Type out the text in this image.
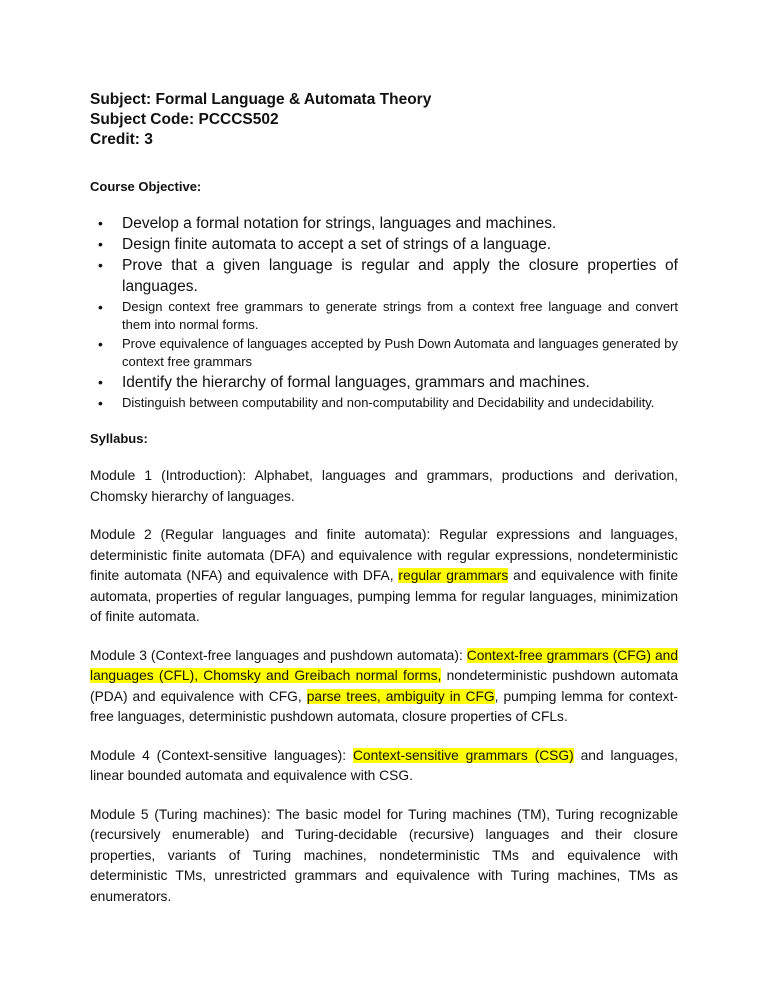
Subject: Formal Language & Automata Theory

Subject Code: PCCCS502

Credit: 3

Course Objective:

• Develop a formal notation for strings, languages and machines.
• Design finite automata to accept a set of strings of a language.
• Prove that a given language is regular and apply the closure properties of languages.
• Design context free grammars to generate strings from a context free language and convert them into normal forms.
• Prove equivalence of languages accepted by Push Down Automata and languages generated by context free grammars
• Identify the hierarchy of formal languages, grammars and machines.
• Distinguish between computability and non-computability and Decidability and undecidability.

Syllabus:

Module 1 (Introduction): Alphabet, languages and grammars, productions and derivation, Chomsky hierarchy of languages.

Module 2 (Regular languages and finite automata): Regular expressions and languages, deterministic finite automata (DFA) and equivalence with regular expressions, nondeterministic finite automata (NFA) and equivalence with DFA, regular grammars and equivalence with finite automata, properties of regular languages, pumping lemma for regular languages, minimization of finite automata.

Module 3 (Context-free languages and pushdown automata): Context-free grammars (CFG) and languages (CFL), Chomsky and Greibach normal forms, nondeterministic pushdown automata (PDA) and equivalence with CFG, parse trees, ambiguity in CFG, pumping lemma for context-free languages, deterministic pushdown automata, closure properties of CFLs.

Module 4 (Context-sensitive languages): Context-sensitive grammars (CSG) and languages, linear bounded automata and equivalence with CSG.

Module 5 (Turing machines): The basic model for Turing machines (TM), Turing recognizable (recursively enumerable) and Turing-decidable (recursive) languages and their closure properties, variants of Turing machines, nondeterministic TMs and equivalence with deterministic TMs, unrestricted grammars and equivalence with Turing machines, TMs as enumerators.
